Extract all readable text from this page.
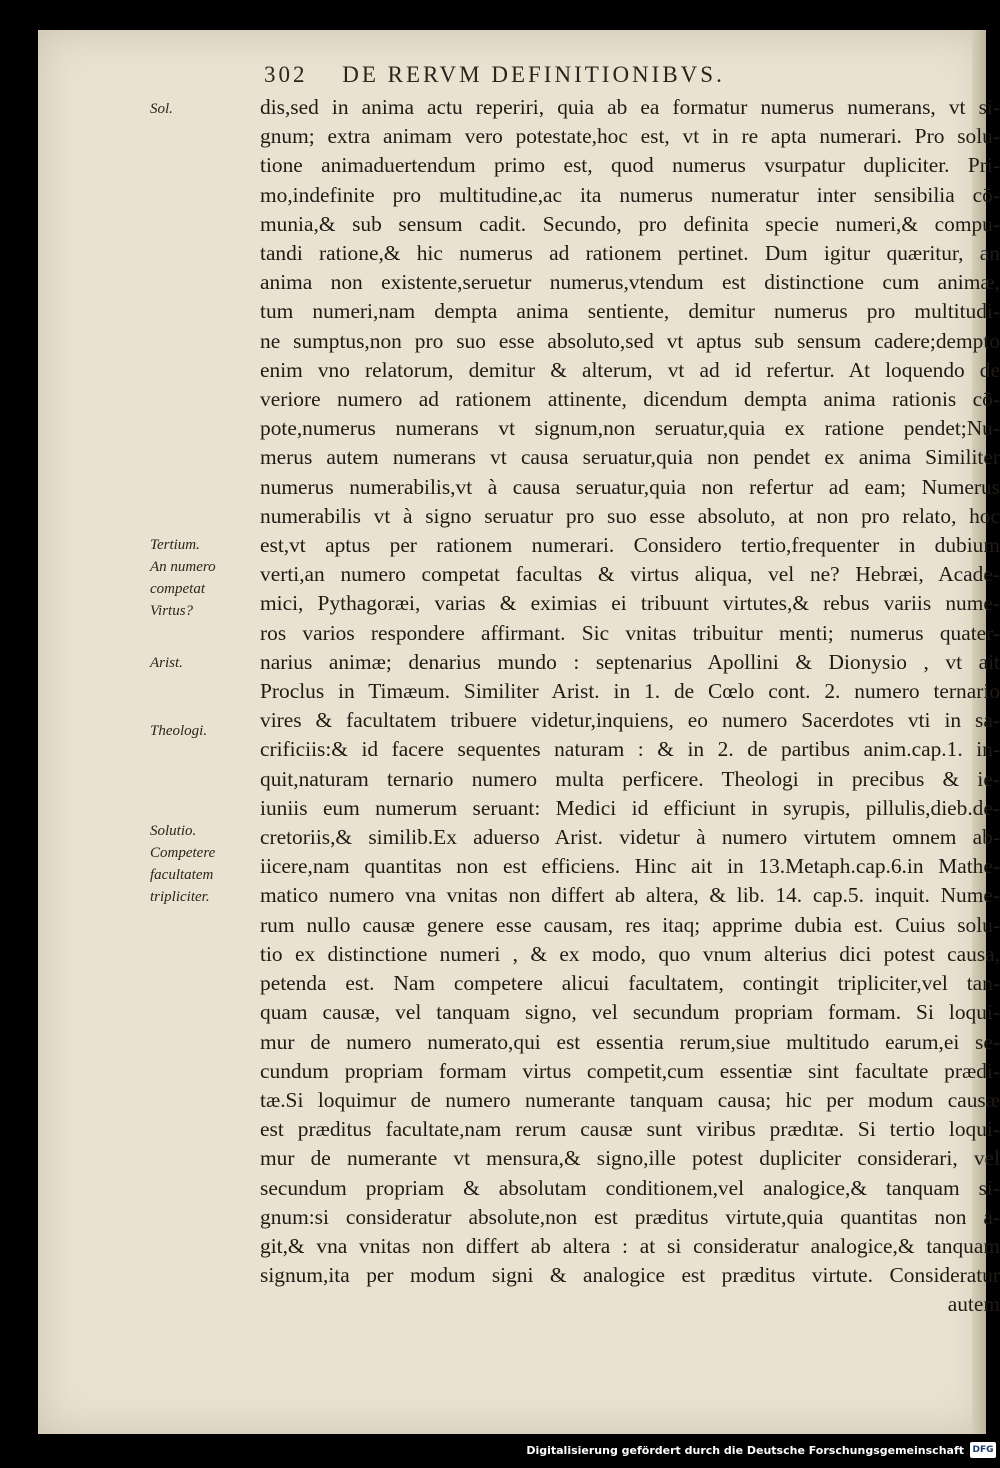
302 DE RERVM DEFINITIONIBVS.
Sol.
Tertium.
An numero
competat
Virtus?
Arist.
Theologi.
Solutio.
Competere
facultatem
tripliciter.
dis,sed in anima actu reperiri, quia ab ea formatur numerus numerans, vt si-
gnum; extra animam vero potestate,hoc est, vt in re apta numerari. Pro solu-
tione animaduertendum primo est, quod numerus vsurpatur dupliciter. Pri-
mo,indefinite pro multitudine,ac ita numerus numeratur inter sensibilia cō-
munia,& sub sensum cadit. Secundo, pro definita specie numeri,& compu-
tandi ratione,& hic numerus ad rationem pertinet. Dum igitur quæritur, an
anima non existente,seruetur numerus,vtendum est distinctione cum animæ,
tum numeri,nam dempta anima sentiente, demitur numerus pro multitudi-
ne sumptus,non pro suo esse absoluto,sed vt aptus sub sensum cadere;dempto
enim vno relatorum, demitur & alterum, vt ad id refertur. At loquendo de
veriore numero ad rationem attinente, dicendum dempta anima rationis cō-
pote,numerus numerans vt signum,non seruatur,quia ex ratione pendet;Nu-
merus autem numerans vt causa seruatur,quia non pendet ex anima Similiter
numerus numerabilis,vt à causa seruatur,quia non refertur ad eam; Numerus
numerabilis vt à signo seruatur pro suo esse absoluto, at non pro relato, hoc
est,vt aptus per rationem numerari. Considero tertio,frequenter in dubium
verti,an numero competat facultas & virtus aliqua, vel ne? Hebræi, Acade-
mici, Pythagoræi, varias & eximias ei tribuunt virtutes,& rebus variis nume-
ros varios respondere affirmant. Sic vnitas tribuitur menti; numerus quater-
narius animæ; denarius mundo : septenarius Apollini & Dionysio , vt ait
Proclus in Timæum. Similiter Arist. in 1. de Cœlo cont. 2. numero ternario
vires & facultatem tribuere videtur,inquiens, eo numero Sacerdotes vti in sa-
crificiis:& id facere sequentes naturam : & in 2. de partibus anim.cap.1. in-
quit,naturam ternario numero multa perficere. Theologi in precibus & ie-
iuniis eum numerum seruant: Medici id efficiunt in syrupis, pillulis,dieb.de-
cretoriis,& similib.Ex aduerso Arist. videtur à numero virtutem omnem ab-
iicere,nam quantitas non est efficiens. Hinc ait in 13.Metaph.cap.6.in Mathe-
matico numero vna vnitas non differt ab altera, & lib. 14. cap.5. inquit. Nume-
rum nullo causæ genere esse causam, res itaq; apprime dubia est. Cuius solu-
tio ex distinctione numeri , & ex modo, quo vnum alterius dici potest causa,
petenda est. Nam competere alicui facultatem, contingit tripliciter,vel tan-
quam causæ, vel tanquam signo, vel secundum propriam formam. Si loqui-
mur de numero numerato,qui est essentia rerum,siue multitudo earum,ei se-
cundum propriam formam virtus competit,cum essentiæ sint facultate prædi-
tæ.Si loquimur de numero numerante tanquam causa; hic per modum causæ
est præditus facultate,nam rerum causæ sunt viribus prædıtæ. Si tertio loqui-
mur de numerante vt mensura,& signo,ille potest dupliciter considerari, vel
secundum propriam & absolutam conditionem,vel analogice,& tanquam si-
gnum:si consideratur absolute,non est præditus virtute,quia quantitas non a-
git,& vna vnitas non differt ab altera : at si consideratur analogice,& tanquam
signum,ita per modum signi & analogice est præditus virtute. Consideratur
autem
Digitalisierung gefördert durch die Deutsche Forschungsgemeinschaft DFG
